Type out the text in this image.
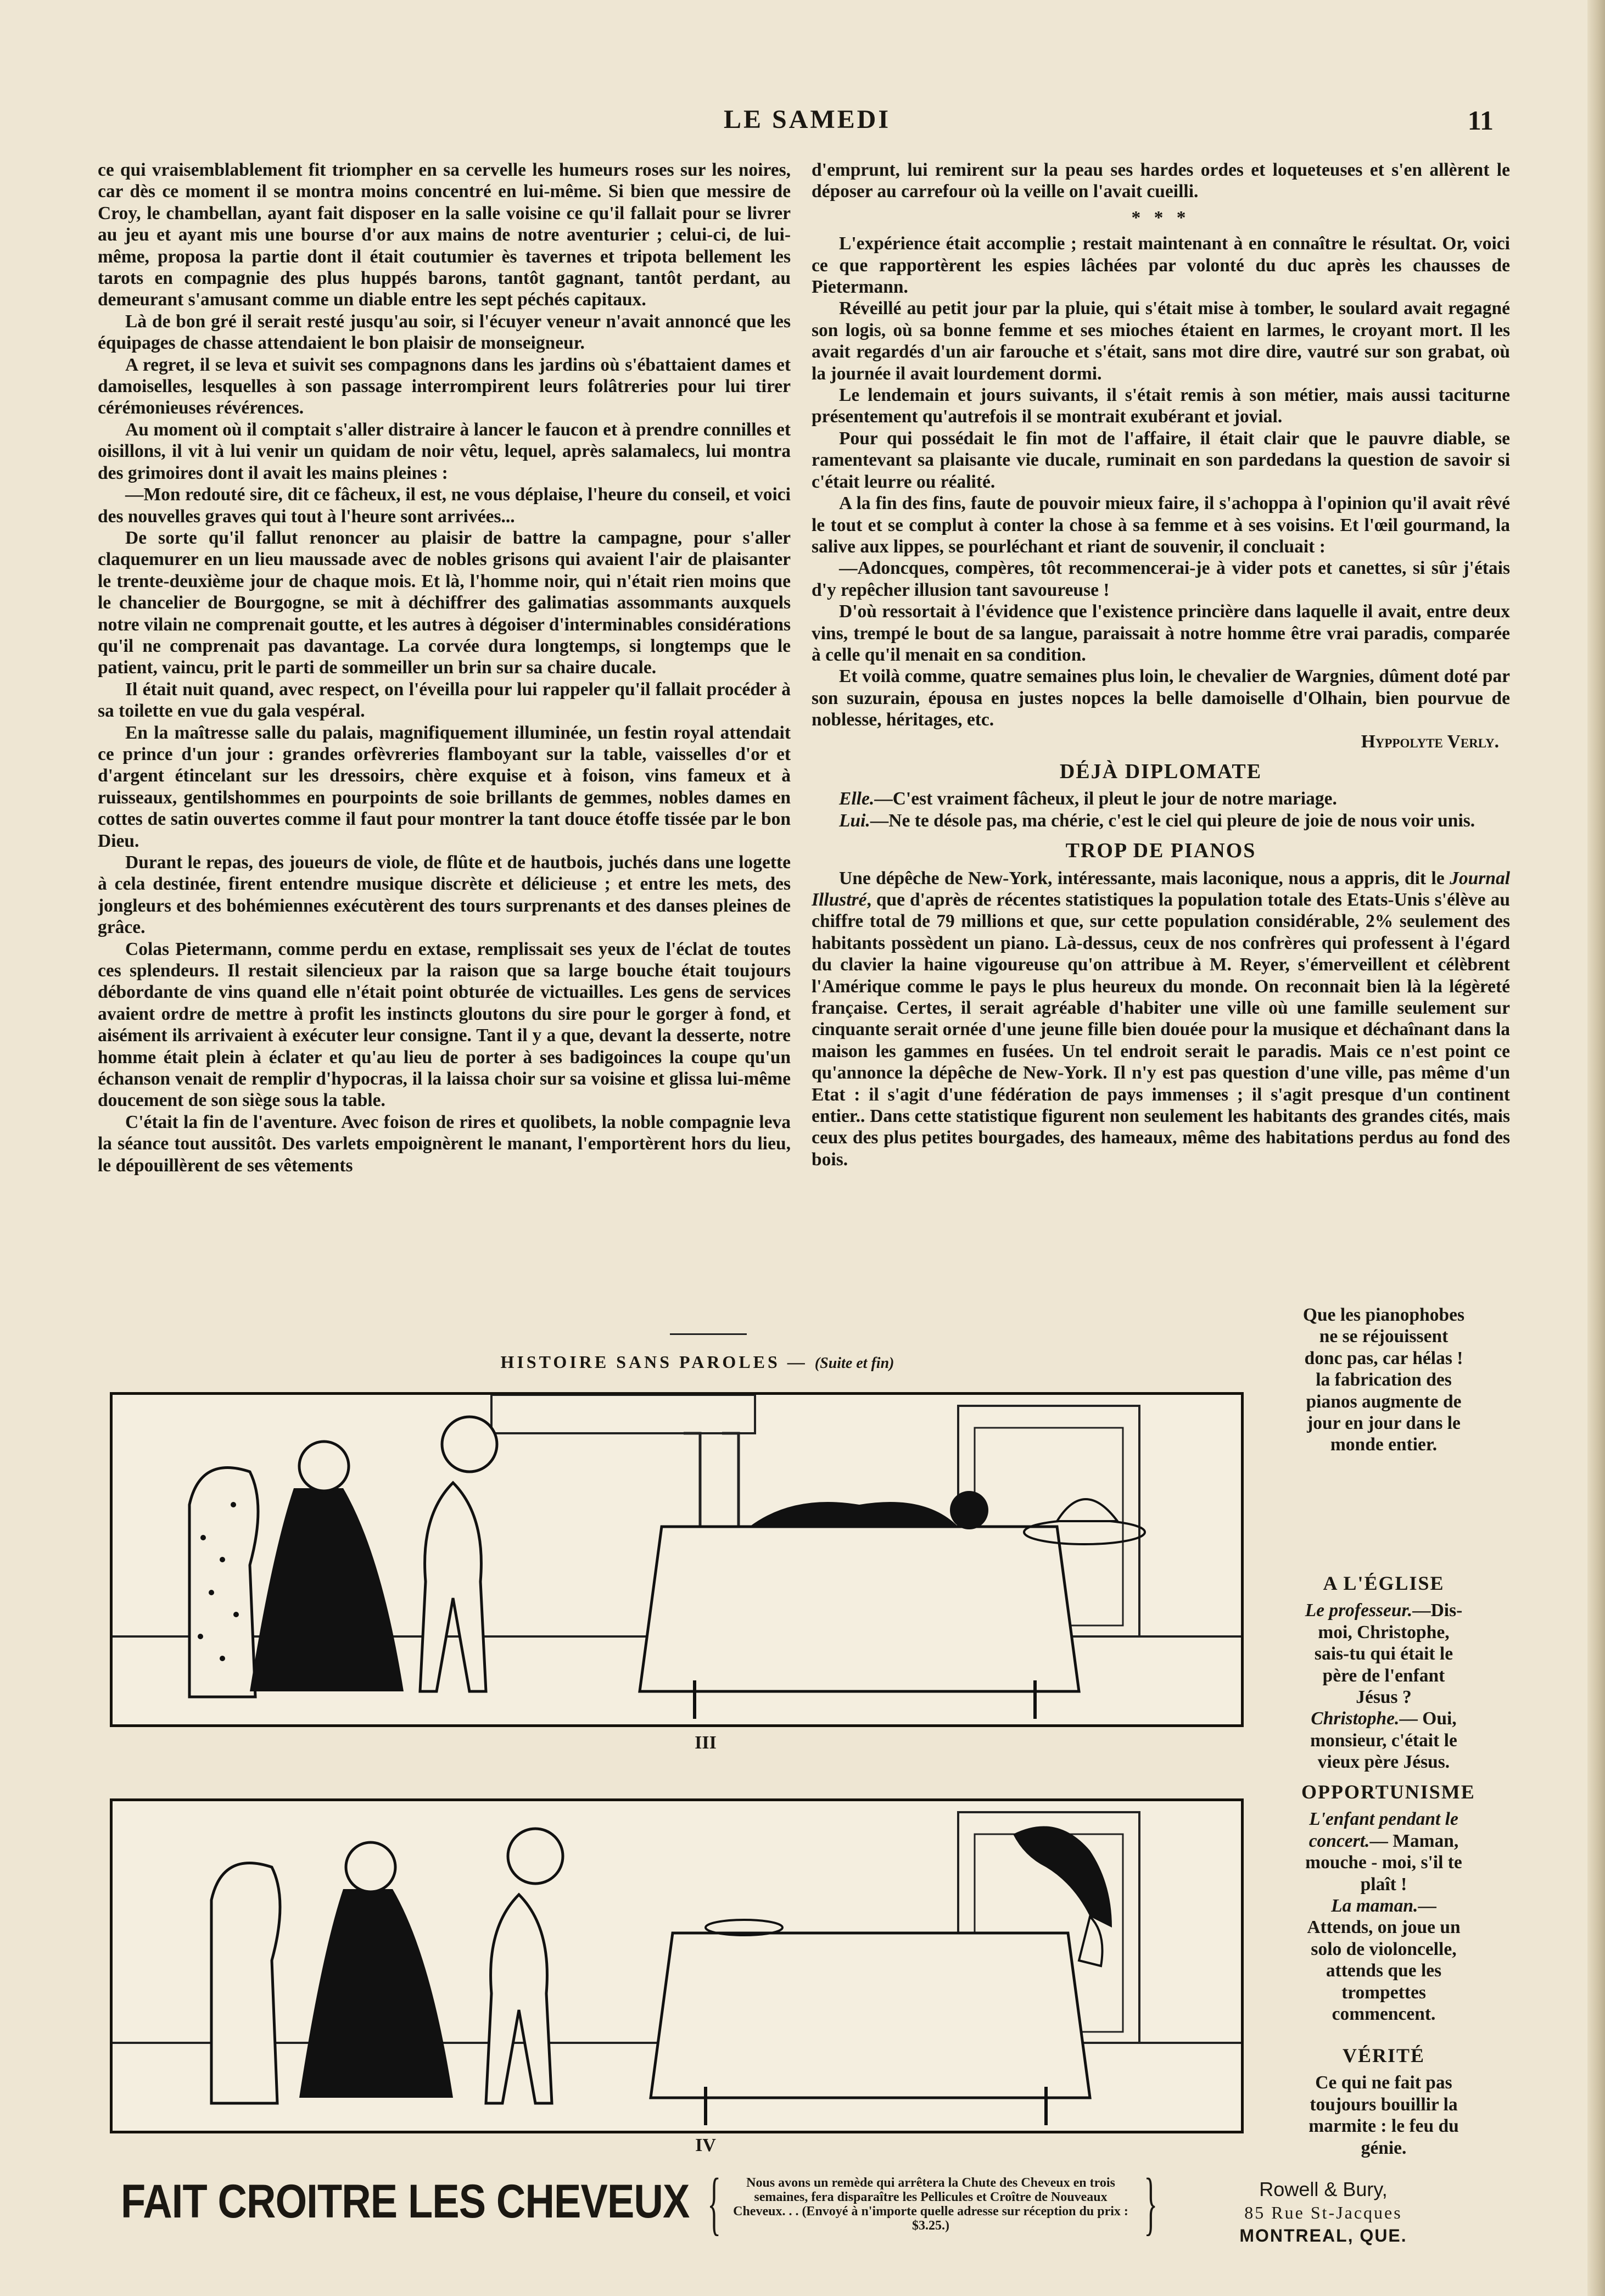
LE SAMEDI	11

ce qui vraisemblablement fit triompher en sa cervelle les humeurs roses sur les noires, car dès ce moment il se montra moins concentré en lui-même. Si bien que messire de Croy, le chambellan, ayant fait disposer en la salle voisine ce qu'il fallait pour se livrer au jeu et ayant mis une bourse d'or aux mains de notre aventurier ; celui-ci, de lui-même, proposa la partie dont il était coutumier ès tavernes et tripota bellement les tarots en compagnie des plus huppés barons, tantôt gagnant, tantôt perdant, au demeurant s'amusant comme un diable entre les sept péchés capitaux.

Là de bon gré il serait resté jusqu'au soir, si l'écuyer veneur n'avait annoncé que les équipages de chasse attendaient le bon plaisir de monseigneur.

A regret, il se leva et suivit ses compagnons dans les jardins où s'ébattaient dames et damoiselles, lesquelles à son passage interrompirent leurs folâtreries pour lui tirer cérémonieuses révérences.

Au moment où il comptait s'aller distraire à lancer le faucon et à prendre connilles et oisillons, il vit à lui venir un quidam de noir vêtu, lequel, après salamalecs, lui montra des grimoires dont il avait les mains pleines :

—Mon redouté sire, dit ce fâcheux, il est, ne vous déplaise, l'heure du conseil, et voici des nouvelles graves qui tout à l'heure sont arrivées...

De sorte qu'il fallut renoncer au plaisir de battre la campagne, pour s'aller claquemurer en un lieu maussade avec de nobles grisons qui avaient l'air de plaisanter le trente-deuxième jour de chaque mois. Et là, l'homme noir, qui n'était rien moins que le chancelier de Bourgogne, se mit à déchiffrer des galimatias assommants auxquels notre vilain ne comprenait goutte, et les autres à dégoiser d'interminables considérations qu'il ne comprenait pas davantage. La corvée dura longtemps, si longtemps que le patient, vaincu, prit le parti de sommeiller un brin sur sa chaire ducale.

Il était nuit quand, avec respect, on l'éveilla pour lui rappeler qu'il fallait procéder à sa toilette en vue du gala vespéral.

En la maîtresse salle du palais, magnifiquement illuminée, un festin royal attendait ce prince d'un jour : grandes orfèvreries flamboyant sur la table, vaisselles d'or et d'argent étincelant sur les dressoirs, chère exquise et à foison, vins fameux et à ruisseaux, gentilshommes en pourpoints de soie brillants de gemmes, nobles dames en cottes de satin ouvertes comme il faut pour montrer la tant douce étoffe tissée par le bon Dieu.

Durant le repas, des joueurs de viole, de flûte et de hautbois, juchés dans une logette à cela destinée, firent entendre musique discrète et délicieuse ; et entre les mets, des jongleurs et des bohémiennes exécutèrent des tours surprenants et des danses pleines de grâce.

Colas Pietermann, comme perdu en extase, remplissait ses yeux de l'éclat de toutes ces splendeurs. Il restait silencieux par la raison que sa large bouche était toujours débordante de vins quand elle n'était point obturée de victuailles. Les gens de services avaient ordre de mettre à profit les instincts gloutons du sire pour le gorger à fond, et aisément ils arrivaient à exécuter leur consigne. Tant il y a que, devant la desserte, notre homme était plein à éclater et qu'au lieu de porter à ses badigoinces la coupe qu'un échanson venait de remplir d'hypocras, il la laissa choir sur sa voisine et glissa lui-même doucement de son siège sous la table.

C'était la fin de l'aventure. Avec foison de rires et quolibets, la noble compagnie leva la séance tout aussitôt. Des varlets empoignèrent le manant, l'emportèrent hors du lieu, le dépouillèrent de ses vêtements

d'emprunt, lui remirent sur la peau ses hardes ordes et loqueteuses et s'en allèrent le déposer au carrefour où la veille on l'avait cueilli.

* * *

L'expérience était accomplie ; restait maintenant à en connaître le résultat. Or, voici ce que rapportèrent les espies lâchées par volonté du duc après les chausses de Pietermann.

Réveillé au petit jour par la pluie, qui s'était mise à tomber, le soulard avait regagné son logis, où sa bonne femme et ses mioches étaient en larmes, le croyant mort. Il les avait regardés d'un air farouche et s'était, sans mot dire dire, vautré sur son grabat, où la journée il avait lourdement dormi.

Le lendemain et jours suivants, il s'était remis à son métier, mais aussi taciturne présentement qu'autrefois il se montrait exubérant et jovial.

Pour qui possédait le fin mot de l'affaire, il était clair que le pauvre diable, se ramentevant sa plaisante vie ducale, ruminait en son pardedans la question de savoir si c'était leurre ou réalité.

A la fin des fins, faute de pouvoir mieux faire, il s'achoppa à l'opinion qu'il avait rêvé le tout et se complut à conter la chose à sa femme et à ses voisins. Et l'œil gourmand, la salive aux lippes, se pourléchant et riant de souvenir, il concluait :

—Adoncques, compères, tôt recommencerai-je à vider pots et canettes, si sûr j'étais d'y repêcher illusion tant savoureuse !

D'où ressortait à l'évidence que l'existence princière dans laquelle il avait, entre deux vins, trempé le bout de sa langue, paraissait à notre homme être vrai paradis, comparée à celle qu'il menait en sa condition.

Et voilà comme, quatre semaines plus loin, le chevalier de Wargnies, dûment doté par son suzurain, épousa en justes nopces la belle damoiselle d'Olhain, bien pourvue de noblesse, héritages, etc.

Hyppolyte Verly.

DÉJÀ DIPLOMATE

Elle.—C'est vraiment fâcheux, il pleut le jour de notre mariage.

Lui.—Ne te désole pas, ma chérie, c'est le ciel qui pleure de joie de nous voir unis.

TROP DE PIANOS

Une dépêche de New-York, intéressante, mais laconique, nous a appris, dit le Journal Illustré, que d'après de récentes statistiques la population totale des Etats-Unis s'élève au chiffre total de 79 millions et que, sur cette population considérable, 2% seulement des habitants possèdent un piano. Là-dessus, ceux de nos confrères qui professent à l'égard du clavier la haine vigoureuse qu'on attribue à M. Reyer, s'émerveillent et célèbrent l'Amérique comme le pays le plus heureux du monde. On reconnait bien là la légèreté française. Certes, il serait agréable d'habiter une ville où une famille seulement sur cinquante serait ornée d'une jeune fille bien douée pour la musique et déchaînant dans la maison les gammes en fusées. Un tel endroit serait le paradis. Mais ce n'est point ce qu'annonce la dépêche de New-York. Il n'y est pas question d'une ville, pas même d'un Etat : il s'agit d'une fédération de pays immenses ; il s'agit presque d'un continent entier.. Dans cette statistique figurent non seulement les habitants des grandes cités, mais ceux des plus petites bourgades, des hameaux, même des habitations perdus au fond des bois.

Que les pianophobes ne se réjouissent donc pas, car hélas ! la fabrication des pianos augmente de jour en jour dans le monde entier.

A L'ÉGLISE

Le professeur.—Dis-moi, Christophe, sais-tu qui était le père de l'enfant Jésus ?

Christophe.— Oui, monsieur, c'était le vieux père Jésus.

OPPORTUNISME

L'enfant pendant le concert.— Maman, mouche - moi, s'il te plaît !

La maman.— Attends, on joue un solo de violoncelle, attends que les trompettes commencent.

VÉRITÉ

Ce qui ne fait pas toujours bouillir la marmite : le feu du génie.

HISTOIRE SANS PAROLES — (Suite et fin)
III
IV
FAIT CROITRE LES CHEVEUX {	Nous avons un remède qui arrêtera la Chute des Cheveux en trois semaines, fera disparaître les Pellicules et Croître de Nouveaux Cheveux. . . (Envoyé à n'importe quelle adresse sur réception du prix : $3.25.)	}	Rowell & Bury,
85 Rue St-Jacques
MONTREAL, QUE.
